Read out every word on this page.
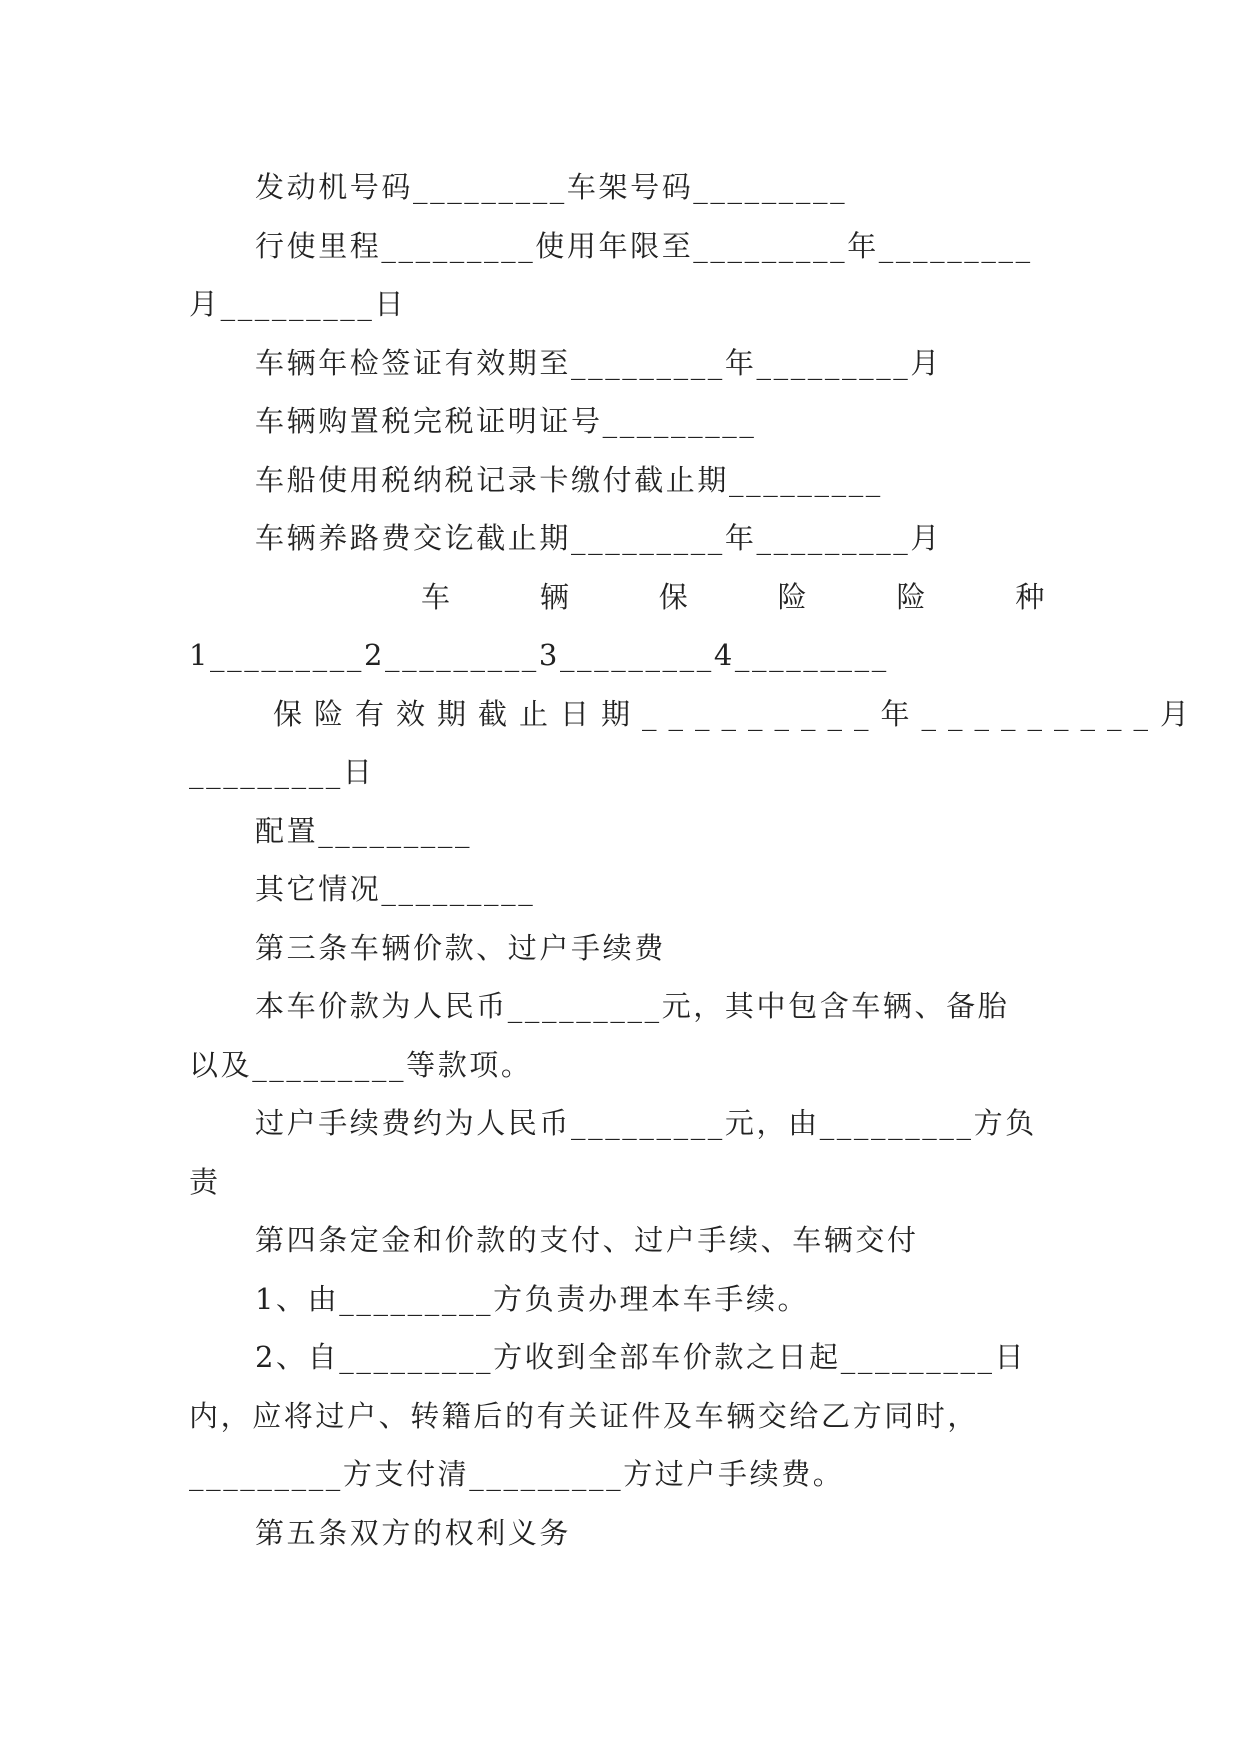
发动机号码_________车架号码_________
行使里程_________使用年限至_________年_________
月_________日
车辆年检签证有效期至_________年_________月
车辆购置税完税证明证号_________
车船使用税纳税记录卡缴付截止期_________
车辆养路费交讫截止期_________年_________月
车	辆	保	险	险	种
1_________2_________3_________4_________
保险有效期截止日期_________年_________月
_________日
配置_________
其它情况_________
第三条车辆价款、过户手续费
本车价款为人民币_________元，其中包含车辆、备胎
以及_________等款项。
过户手续费约为人民币_________元，由_________方负
责
第四条定金和价款的支付、过户手续、车辆交付
1、由_________方负责办理本车手续。
2、自_________方收到全部车价款之日起_________日
内，应将过户、转籍后的有关证件及车辆交给乙方同时，
_________方支付清_________方过户手续费。
第五条双方的权利义务
